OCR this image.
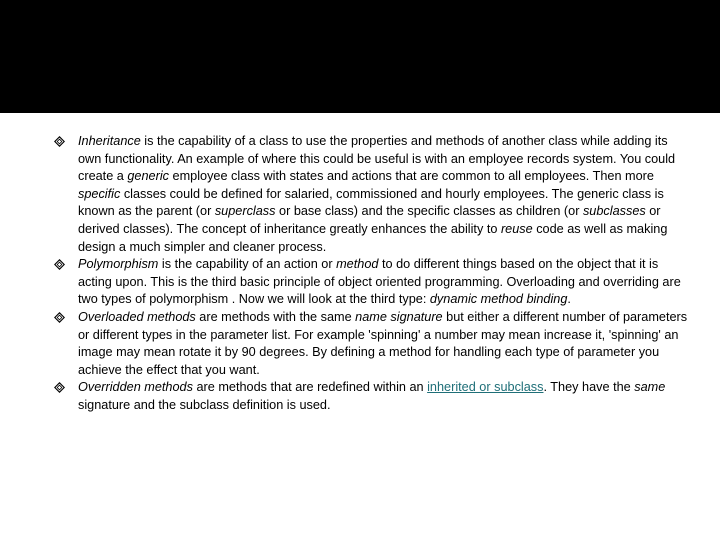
Inheritance is the capability of a class to use the properties and methods of another class while adding its own functionality. An example of where this could be useful is with an employee records system. You could create a generic employee class with states and actions that are common to all employees. Then more specific classes could be defined for salaried, commissioned and hourly employees. The generic class is known as the parent (or superclass or base class) and the specific classes as children (or subclasses or derived classes). The concept of inheritance greatly enhances the ability to reuse code as well as making design a much simpler and cleaner process.
Polymorphism is the capability of an action or method to do different things based on the object that it is acting upon. This is the third basic principle of object oriented programming. Overloading and overriding are two types of polymorphism . Now we will look at the third type: dynamic method binding.
Overloaded methods are methods with the same name signature but either a different number of parameters or different types in the parameter list. For example 'spinning' a number may mean increase it, 'spinning' an image may mean rotate it by 90 degrees. By defining a method for handling each type of parameter you achieve the effect that you want.
Overridden methods are methods that are redefined within an inherited or subclass. They have the same signature and the subclass definition is used.
